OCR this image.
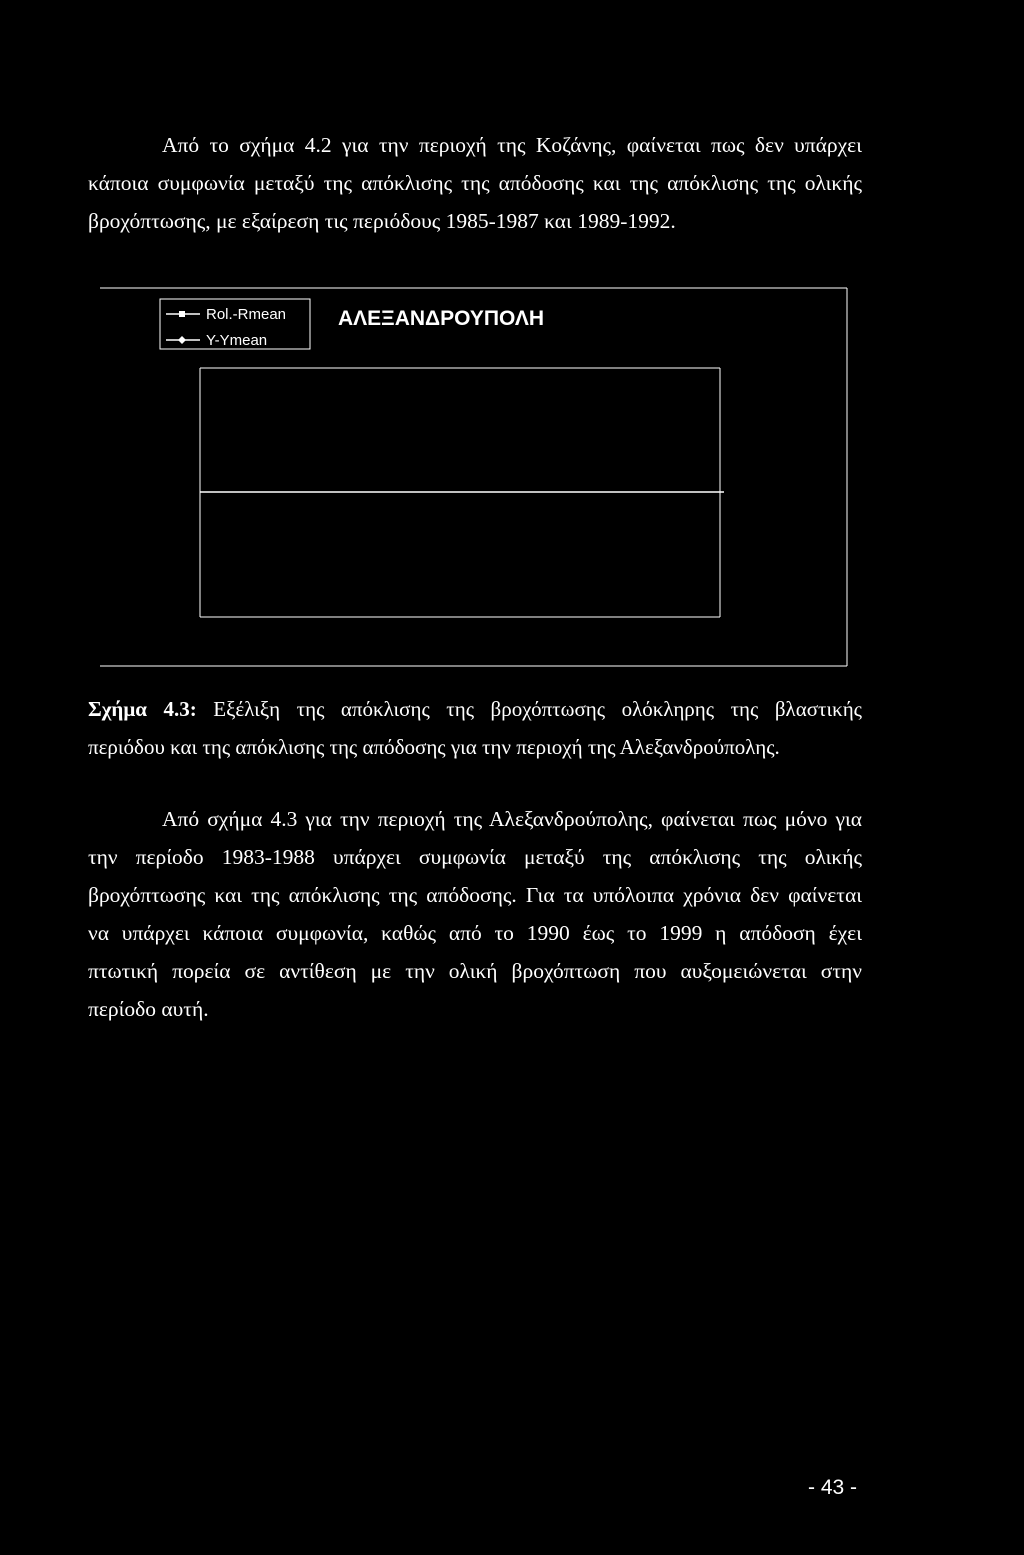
Από το σχήμα 4.2 για την περιοχή της Κοζάνης, φαίνεται πως δεν υπάρχει
κάποια συμφωνία μεταξύ της απόκλισης της απόδοσης και της απόκλισης της ολικής
βροχόπτωσης, με εξαίρεση τις περιόδους 1985-1987 και 1989-1992.
Rol.-Rmean
Y-Ymean
ΑΛΕΞΑΝΔΡΟΥΠΟΛΗ
Σχήμα 4.3: Εξέλιξη της απόκλισης της βροχόπτωσης ολόκληρης της βλαστικής
περιόδου και της απόκλισης της απόδοσης για την περιοχή της Αλεξανδρούπολης.
Από σχήμα 4.3 για την περιοχή της Αλεξανδρούπολης, φαίνεται πως μόνο για
την περίοδο 1983-1988 υπάρχει συμφωνία μεταξύ της απόκλισης της ολικής
βροχόπτωσης και της απόκλισης της απόδοσης. Για τα υπόλοιπα χρόνια δεν φαίνεται
να υπάρχει κάποια συμφωνία, καθώς από το 1990 έως το 1999 η απόδοση έχει
πτωτική πορεία σε αντίθεση με την ολική βροχόπτωση που αυξομειώνεται στην
περίοδο αυτή.
- 43 -
